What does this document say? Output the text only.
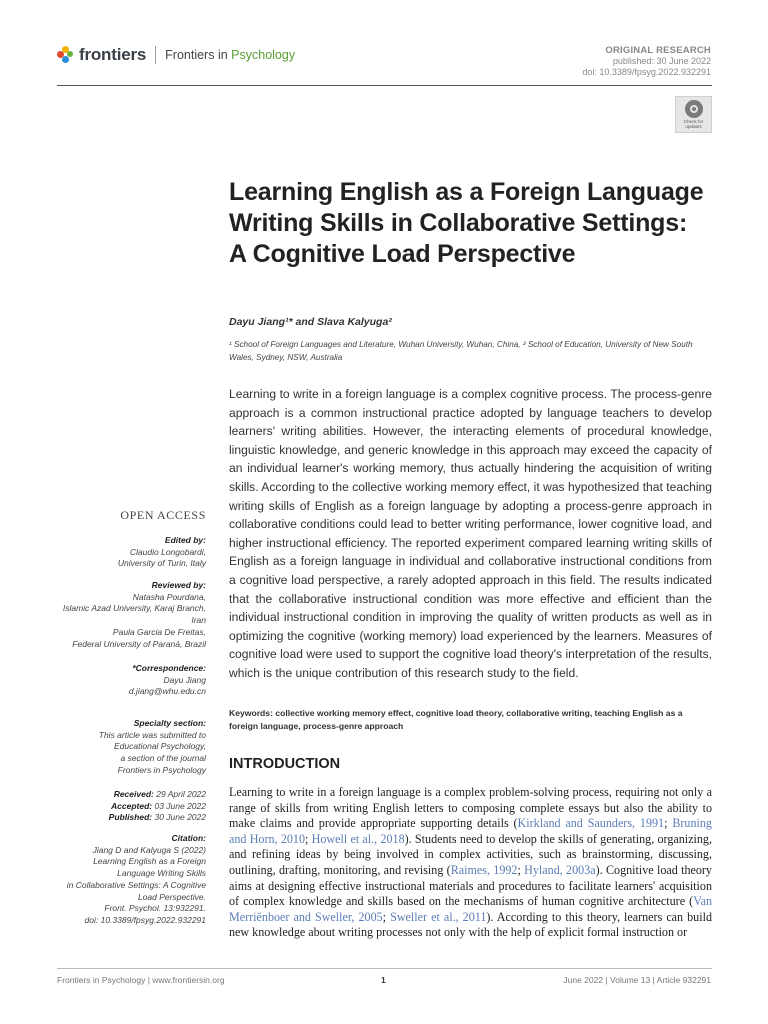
frontiers Frontiers in Psychology	ORIGINAL RESEARCH
published: 30 June 2022
doi: 10.3389/fpsyg.2022.932291
Check for updates
Learning English as a Foreign Language Writing Skills in Collaborative Settings: A Cognitive Load Perspective
Dayu Jiang¹* and Slava Kalyuga²
¹ School of Foreign Languages and Literature, Wuhan University, Wuhan, China, ² School of Education, University of New South Wales, Sydney, NSW, Australia
Learning to write in a foreign language is a complex cognitive process. The process-genre approach is a common instructional practice adopted by language teachers to develop learners' writing abilities. However, the interacting elements of procedural knowledge, linguistic knowledge, and generic knowledge in this approach may exceed the capacity of an individual learner's working memory, thus actually hindering the acquisition of writing skills. According to the collective working memory effect, it was hypothesized that teaching writing skills of English as a foreign language by adopting a process-genre approach in collaborative conditions could lead to better writing performance, lower cognitive load, and higher instructional efficiency. The reported experiment compared learning writing skills of English as a foreign language in individual and collaborative instructional conditions from a cognitive load perspective, a rarely adopted approach in this field. The results indicated that the collaborative instructional condition was more effective and efficient than the individual instructional condition in improving the quality of written products as well as in optimizing the cognitive (working memory) load experienced by the learners. Measures of cognitive load were used to support the cognitive load theory's interpretation of the results, which is the unique contribution of this research study to the field.
Keywords: collective working memory effect, cognitive load theory, collaborative writing, teaching English as a foreign language, process-genre approach
INTRODUCTION
Learning to write in a foreign language is a complex problem-solving process, requiring not only a range of skills from writing English letters to composing complete essays but also the ability to make claims and provide appropriate supporting details (Kirkland and Saunders, 1991; Bruning and Horn, 2010; Howell et al., 2018). Students need to develop the skills of generating, organizing, and refining ideas by being involved in complex activities, such as brainstorming, discussing, outlining, drafting, monitoring, and revising (Raimes, 1992; Hyland, 2003a). Cognitive load theory aims at designing effective instructional materials and procedures to facilitate learners' acquisition of complex knowledge and skills based on the mechanisms of human cognitive architecture (Van Merriënboer and Sweller, 2005; Sweller et al., 2011). According to this theory, learners can build new knowledge about writing processes not only with the help of explicit formal instruction or
OPEN ACCESS
Edited by:
Claudio Longobardi,
University of Turin, Italy
Reviewed by:
Natasha Pourdana,
Islamic Azad University, Karaj Branch,
Iran
Paula Garcia De Freitas,
Federal University of Paraná, Brazil
*Correspondence:
Dayu Jiang
d.jiang@whu.edu.cn
Specialty section:
This article was submitted to
Educational Psychology,
a section of the journal
Frontiers in Psychology
Received: 29 April 2022
Accepted: 03 June 2022
Published: 30 June 2022
Citation:
Jiang D and Kalyuga S (2022)
Learning English as a Foreign
Language Writing Skills
in Collaborative Settings: A Cognitive
Load Perspective.
Front. Psychol. 13:932291.
doi: 10.3389/fpsyg.2022.932291
Frontiers in Psychology | www.frontiersin.org	1	June 2022 | Volume 13 | Article 932291
